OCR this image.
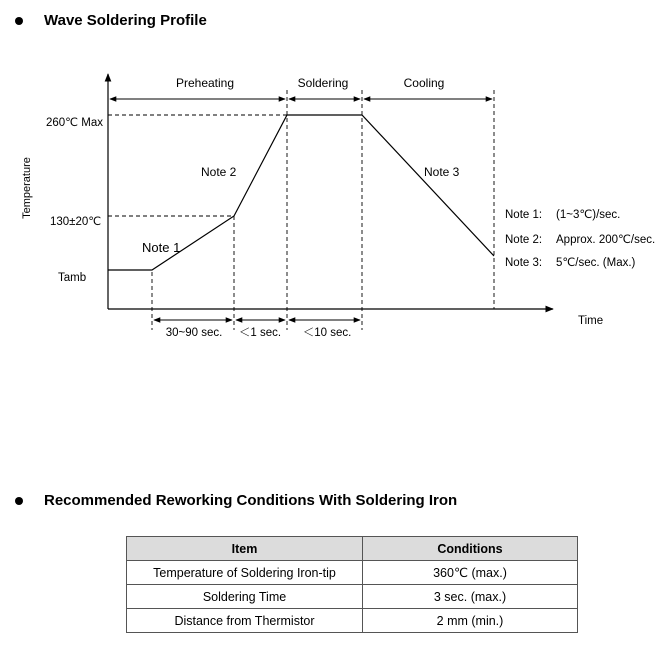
Wave Soldering Profile
Preheating	Soldering	Cooling
Temperature
Time
260℃ Max
130±20℃
Tamb
Note 2	Note 3
Note 1
30~90 sec. ＜1 sec. ＜10 sec.
Note 1: (1~3℃)/sec.
Note 2: Approx. 200℃/sec.
Note 3: 5℃/sec. (Max.)
Recommended Reworking Conditions With Soldering Iron
Item	Conditions
Temperature of Soldering Iron-tip	360℃ (max.)
Soldering Time	3 sec. (max.)
Distance from Thermistor	2 mm (min.)
